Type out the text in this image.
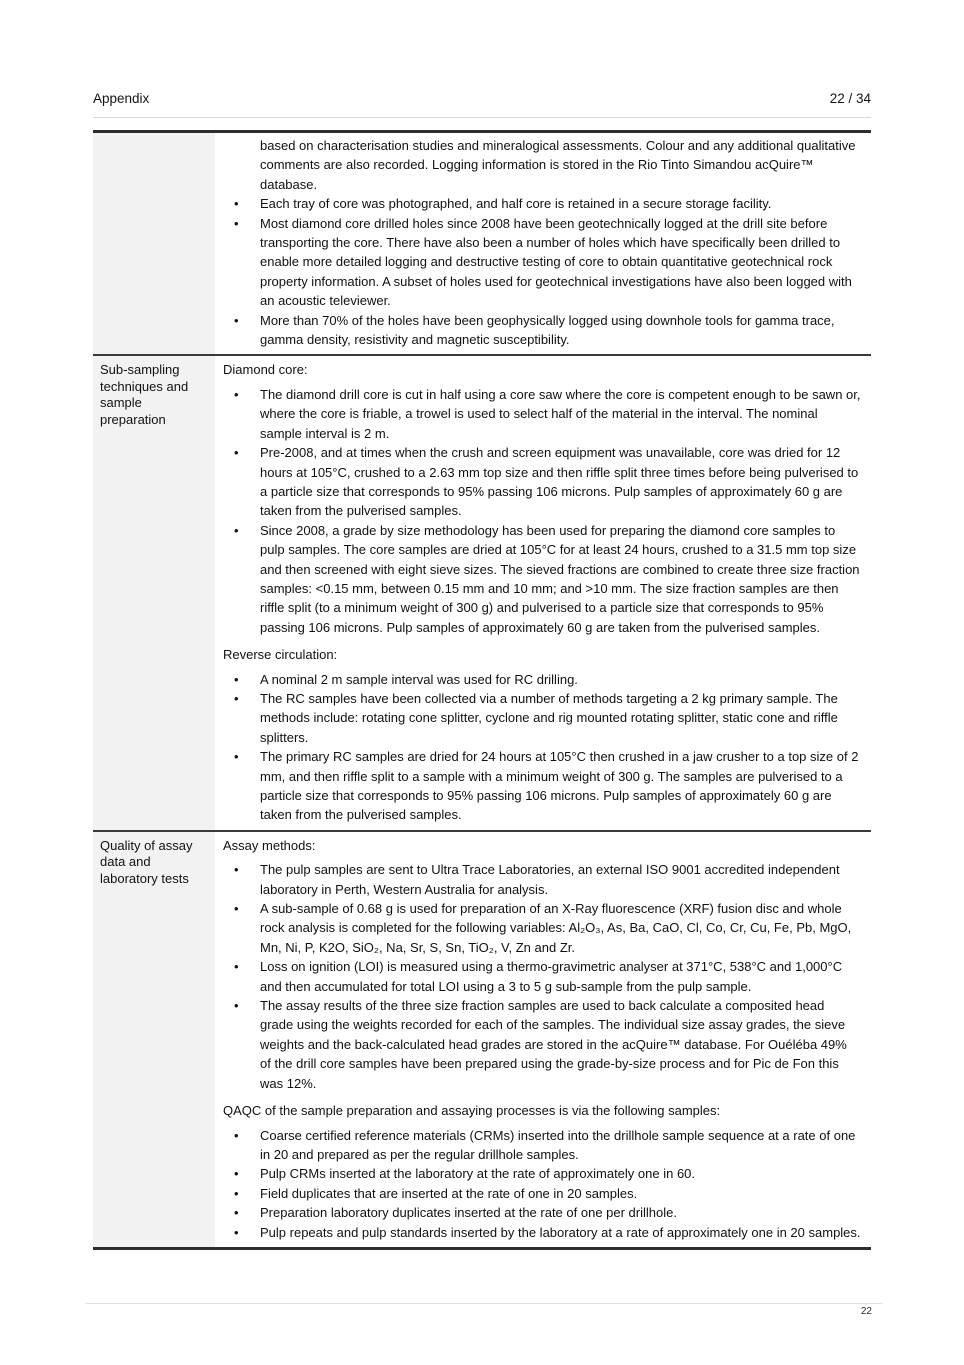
Appendix	22 / 34
based on characterisation studies and mineralogical assessments. Colour and any additional qualitative comments are also recorded. Logging information is stored in the Rio Tinto Simandou acQuire™ database.
• Each tray of core was photographed, and half core is retained in a secure storage facility.
• Most diamond core drilled holes since 2008 have been geotechnically logged at the drill site before transporting the core. There have also been a number of holes which have specifically been drilled to enable more detailed logging and destructive testing of core to obtain quantitative geotechnical rock property information. A subset of holes used for geotechnical investigations have also been logged with an acoustic televiewer.
• More than 70% of the holes have been geophysically logged using downhole tools for gamma trace, gamma density, resistivity and magnetic susceptibility.
Sub-sampling techniques and sample preparation
Diamond core:
• The diamond drill core is cut in half using a core saw where the core is competent enough to be sawn or, where the core is friable, a trowel is used to select half of the material in the interval. The nominal sample interval is 2 m.
• Pre-2008, and at times when the crush and screen equipment was unavailable, core was dried for 12 hours at 105°C, crushed to a 2.63 mm top size and then riffle split three times before being pulverised to a particle size that corresponds to 95% passing 106 microns. Pulp samples of approximately 60 g are taken from the pulverised samples.
• Since 2008, a grade by size methodology has been used for preparing the diamond core samples to pulp samples. The core samples are dried at 105°C for at least 24 hours, crushed to a 31.5 mm top size and then screened with eight sieve sizes. The sieved fractions are combined to create three size fraction samples: <0.15 mm, between 0.15 mm and 10 mm; and >10 mm. The size fraction samples are then riffle split (to a minimum weight of 300 g) and pulverised to a particle size that corresponds to 95% passing 106 microns. Pulp samples of approximately 60 g are taken from the pulverised samples.
Reverse circulation:
• A nominal 2 m sample interval was used for RC drilling.
• The RC samples have been collected via a number of methods targeting a 2 kg primary sample. The methods include: rotating cone splitter, cyclone and rig mounted rotating splitter, static cone and riffle splitters.
• The primary RC samples are dried for 24 hours at 105°C then crushed in a jaw crusher to a top size of 2 mm, and then riffle split to a sample with a minimum weight of 300 g. The samples are pulverised to a particle size that corresponds to 95% passing 106 microns. Pulp samples of approximately 60 g are taken from the pulverised samples.
Quality of assay data and laboratory tests
Assay methods:
• The pulp samples are sent to Ultra Trace Laboratories, an external ISO 9001 accredited independent laboratory in Perth, Western Australia for analysis.
• A sub-sample of 0.68 g is used for preparation of an X-Ray fluorescence (XRF) fusion disc and whole rock analysis is completed for the following variables: Al₂O₃, As, Ba, CaO, Cl, Co, Cr, Cu, Fe, Pb, MgO, Mn, Ni, P, K2O, SiO₂, Na, Sr, S, Sn, TiO₂, V, Zn and Zr.
• Loss on ignition (LOI) is measured using a thermo-gravimetric analyser at 371°C, 538°C and 1,000°C and then accumulated for total LOI using a 3 to 5 g sub-sample from the pulp sample.
• The assay results of the three size fraction samples are used to back calculate a composited head grade using the weights recorded for each of the samples. The individual size assay grades, the sieve weights and the back-calculated head grades are stored in the acQuire™ database. For Ouéléba 49% of the drill core samples have been prepared using the grade-by-size process and for Pic de Fon this was 12%.
QAQC of the sample preparation and assaying processes is via the following samples:
• Coarse certified reference materials (CRMs) inserted into the drillhole sample sequence at a rate of one in 20 and prepared as per the regular drillhole samples.
• Pulp CRMs inserted at the laboratory at the rate of approximately one in 60.
• Field duplicates that are inserted at the rate of one in 20 samples.
• Preparation laboratory duplicates inserted at the rate of one per drillhole.
• Pulp repeats and pulp standards inserted by the laboratory at a rate of approximately one in 20 samples.
22
